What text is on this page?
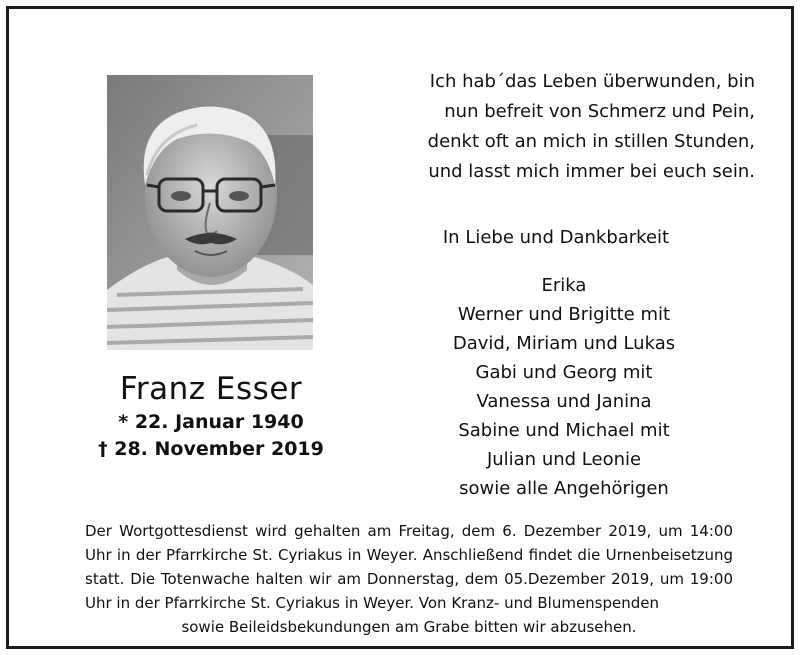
Franz Esser
* 22. Januar 1940
† 28. November 2019
Ich hab´das Leben überwunden, bin
nun befreit von Schmerz und Pein,
denkt oft an mich in stillen Stunden,
und lasst mich immer bei euch sein.
In Liebe und Dankbarkeit
Erika
Werner und Brigitte mit
David, Miriam und Lukas
Gabi und Georg mit
Vanessa und Janina
Sabine und Michael mit
Julian und Leonie
sowie alle Angehörigen
Der Wortgottesdienst wird gehalten am Freitag, dem 6. Dezember 2019, um 14:00 Uhr in der Pfarrkirche St. Cyriakus in Weyer. Anschließend findet die Urnenbeisetzung statt. Die Totenwache halten wir am Donnerstag, dem 05.Dezember 2019, um 19:00 Uhr in der Pfarrkirche St. Cyriakus in Weyer. Von Kranz- und Blumenspenden
sowie Beileidsbekundungen am Grabe bitten wir abzusehen.
